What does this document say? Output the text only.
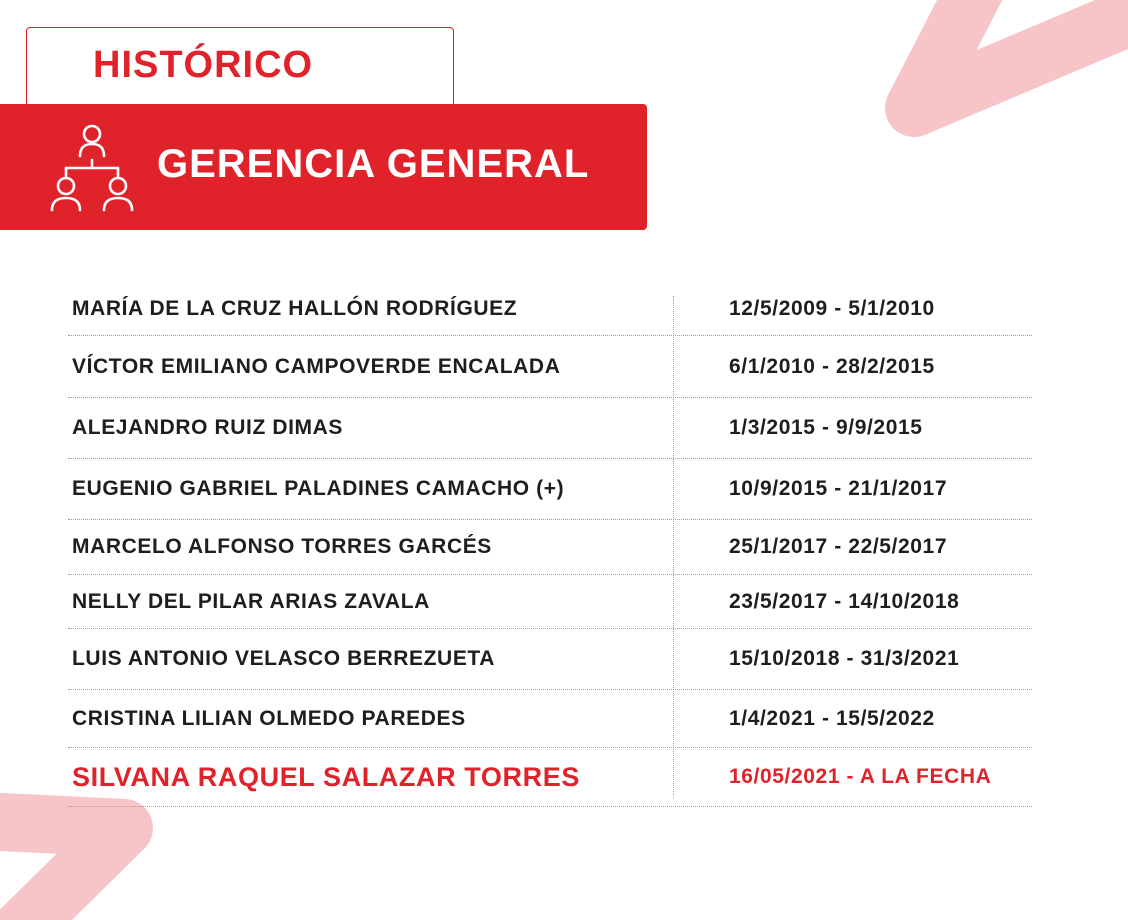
HISTÓRICO
GERENCIA GENERAL
MARÍA DE LA CRUZ HALLÓN RODRÍGUEZ	12/5/2009 - 5/1/2010
VÍCTOR EMILIANO CAMPOVERDE ENCALADA	6/1/2010 - 28/2/2015
ALEJANDRO RUIZ DIMAS	1/3/2015 - 9/9/2015
EUGENIO GABRIEL PALADINES CAMACHO (+)	10/9/2015 - 21/1/2017
MARCELO ALFONSO TORRES GARCÉS	25/1/2017 - 22/5/2017
NELLY DEL PILAR ARIAS ZAVALA	23/5/2017 - 14/10/2018
LUIS ANTONIO VELASCO BERREZUETA	15/10/2018 - 31/3/2021
CRISTINA LILIAN OLMEDO PAREDES	1/4/2021 - 15/5/2022
SILVANA RAQUEL SALAZAR TORRES	16/05/2021 - A LA FECHA
